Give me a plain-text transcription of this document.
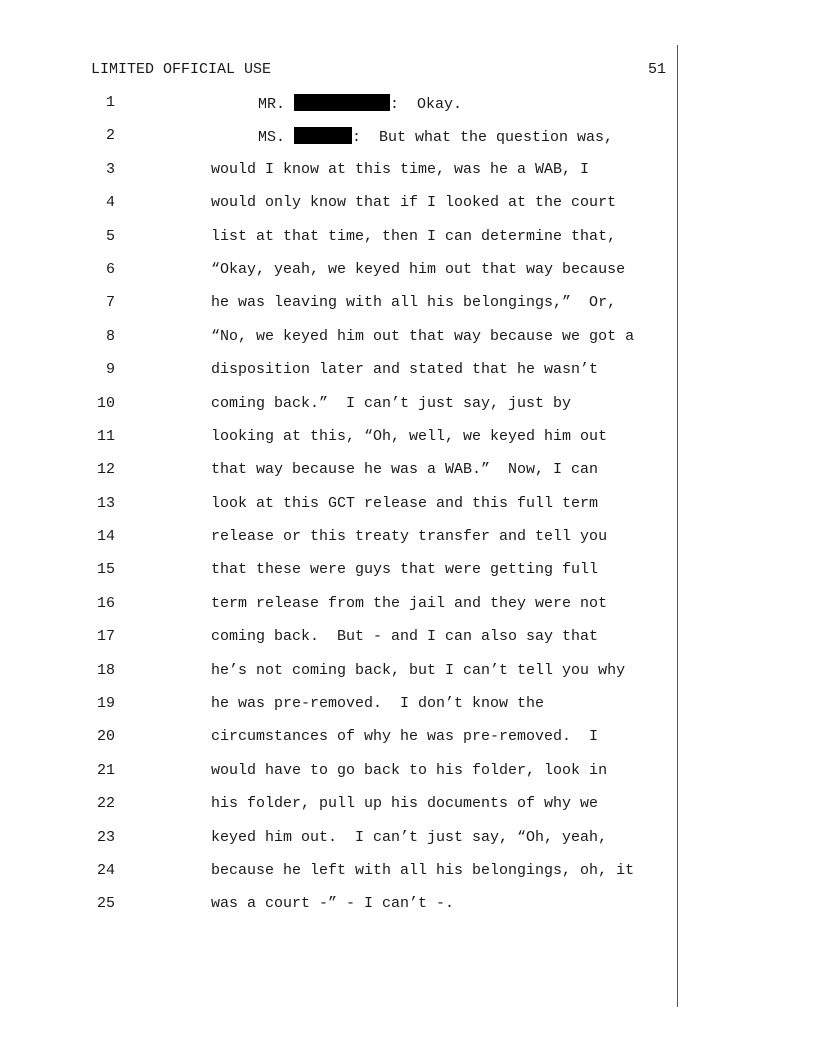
LIMITED OFFICIAL USE	51
1	MR.	:  Okay.
2	MS.	:  But what the question was,
3	would I know at this time, was he a WAB, I
4	would only know that if I looked at the court
5	list at that time, then I can determine that,
6	“Okay, yeah, we keyed him out that way because
7	he was leaving with all his belongings,”  Or,
8	“No, we keyed him out that way because we got a
9	disposition later and stated that he wasn’t
10	coming back.”  I can’t just say, just by
11	looking at this, “Oh, well, we keyed him out
12	that way because he was a WAB.”  Now, I can
13	look at this GCT release and this full term
14	release or this treaty transfer and tell you
15	that these were guys that were getting full
16	term release from the jail and they were not
17	coming back.  But - and I can also say that
18	he’s not coming back, but I can’t tell you why
19	he was pre-removed.  I don’t know the
20	circumstances of why he was pre-removed.  I
21	would have to go back to his folder, look in
22	his folder, pull up his documents of why we
23	keyed him out.  I can’t just say, “Oh, yeah,
24	because he left with all his belongings, oh, it
25	was a court -” - I can’t -.
